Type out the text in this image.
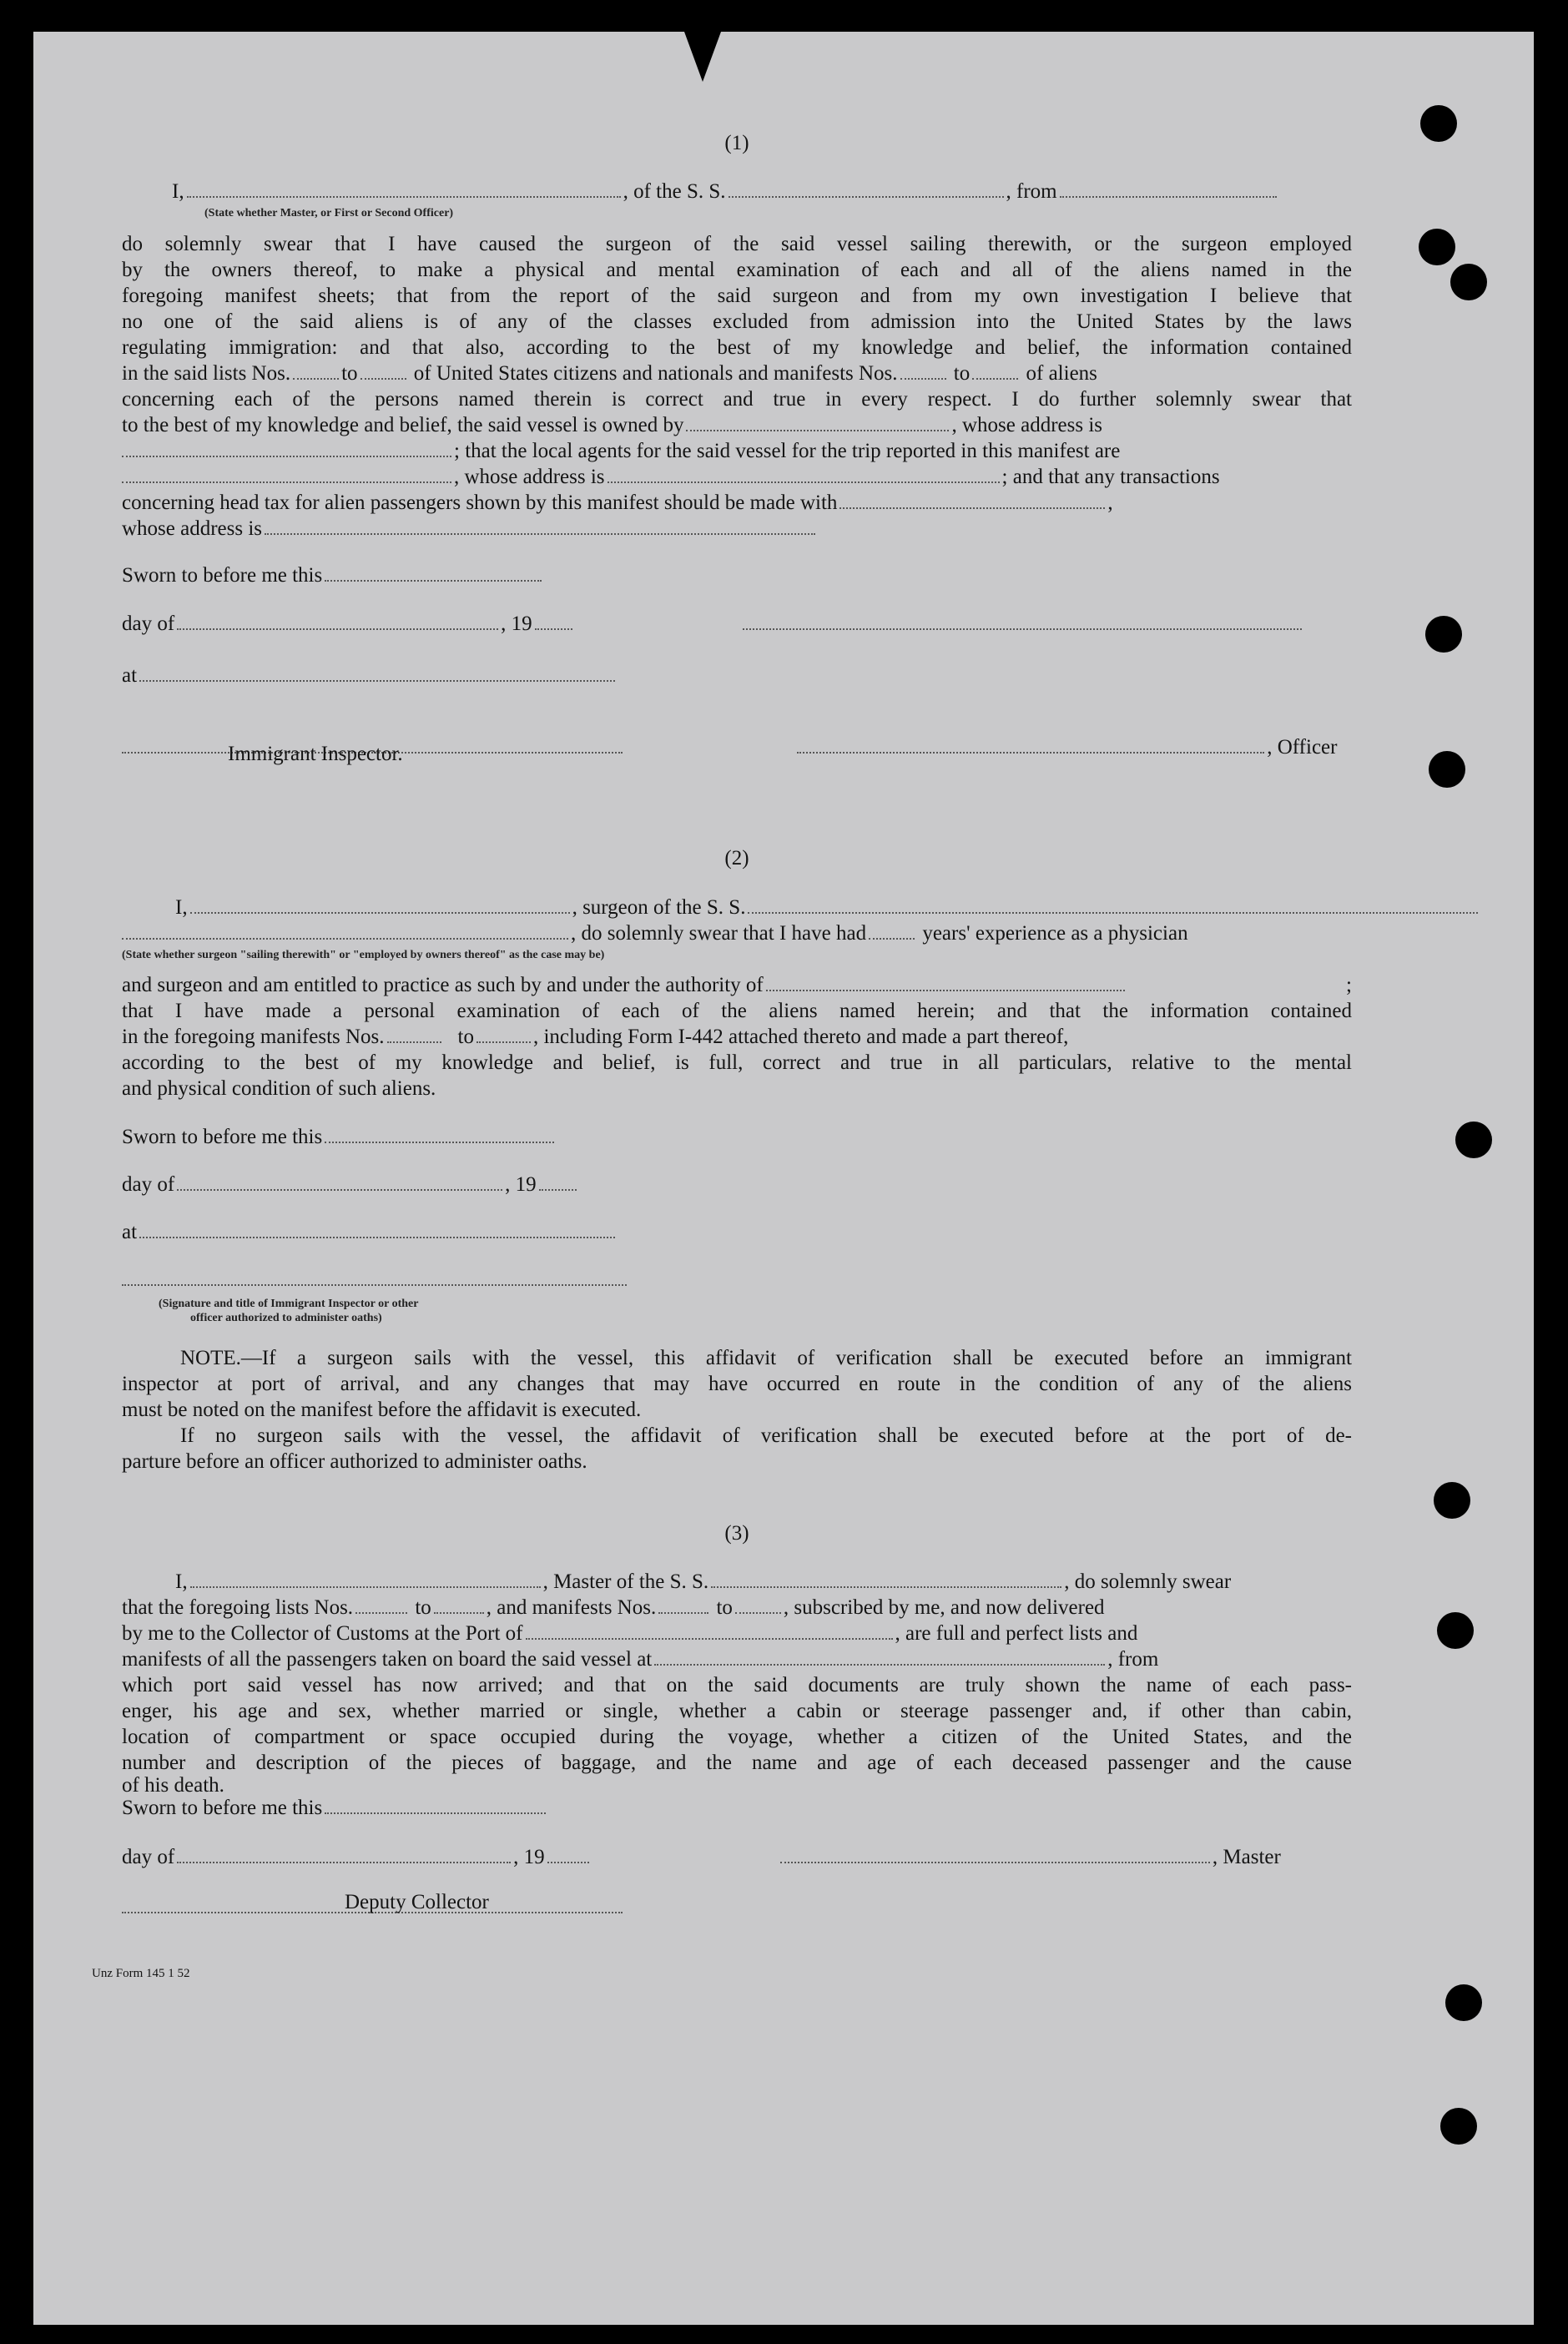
(1)
I,	, of the S. S.	, from
(State whether Master, or First or Second Officer)
do solemnly swear that I have caused the surgeon of the said vessel sailing therewith, or the surgeon employed
by the owners thereof, to make a physical and mental examination of each and all of the aliens named in the
foregoing manifest sheets; that from the report of the said surgeon and from my own investigation I believe that
no one of the said aliens is of any of the classes excluded from admission into the United States by the laws
regulating immigration: and that also, according to the best of my knowledge and belief, the information contained
in the said lists Nos. to	of United States citizens and nationals and manifests Nos.	to	of aliens
concerning each of the persons named therein is correct and true in every respect. I do further solemnly swear that
to the best of my knowledge and belief, the said vessel is owned by	, whose address is
; that the local agents for the said vessel for the trip reported in this manifest are
, whose address is	; and that any transactions
concerning head tax for alien passengers shown by this manifest should be made with	,
whose address is
Sworn to before me this
day of	, 19
at
, Officer
Immigrant Inspector.
(2)
I,	, surgeon of the S. S.
, do solemnly swear that I have had	years' experience as a physician
(State whether surgeon "sailing therewith" or "employed by owners thereof" as the case may be)
and surgeon and am entitled to practice as such by and under the authority of	;
that I have made a personal examination of each of the aliens named herein; and that the information contained
in the foregoing manifests Nos.	to	, including Form I-442 attached thereto and made a part thereof,
according to the best of my knowledge and belief, is full, correct and true in all particulars, relative to the mental
and physical condition of such aliens.
Sworn to before me this
day of	, 19
at
(Signature and title of Immigrant Inspector or other
officer authorized to administer oaths)
NOTE.—If a surgeon sails with the vessel, this affidavit of verification shall be executed before an immigrant
inspector at port of arrival, and any changes that may have occurred en route in the condition of any of the aliens
must be noted on the manifest before the affidavit is executed.
If no surgeon sails with the vessel, the affidavit of verification shall be executed before at the port of de-
parture before an officer authorized to administer oaths.
(3)
I,	, Master of the S. S.	, do solemnly swear
that the foregoing lists Nos.	to	, and manifests Nos.	to , subscribed by me, and now delivered
by me to the Collector of Customs at the Port of	, are full and perfect lists and
manifests of all the passengers taken on board the said vessel at	, from
which port said vessel has now arrived; and that on the said documents are truly shown the name of each pass-
enger, his age and sex, whether married or single, whether a cabin or steerage passenger and, if other than cabin,
location of compartment or space occupied during the voyage, whether a citizen of the United States, and the
number and description of the pieces of baggage, and the name and age of each deceased passenger and the cause
of his death.
Sworn to before me this
day of	, 19	, Master
Deputy Collector
Unz Form 145 1 52
